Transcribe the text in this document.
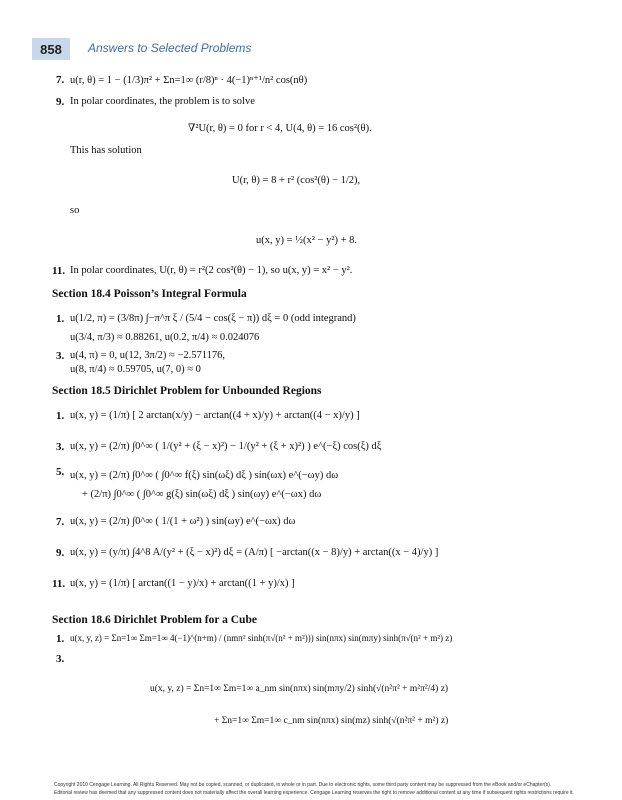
858 Answers to Selected Problems
7. u(r, θ) = 1 − (1/3)π² + Σn=1∞ (r/8)ⁿ · 4(−1)ⁿ⁺¹/n² cos(nθ)
9. In polar coordinates, the problem is to solve
∇²U(r, θ) = 0 for r < 4, U(4, θ) = 16 cos²(θ).
This has solution
U(r, θ) = 8 + r² (cos²(θ) − 1/2),
so
u(x, y) = ½(x² − y²) + 8.
11. In polar coordinates, U(r, θ) = r²(2 cos²(θ) − 1), so u(x, y) = x² − y².
Section 18.4 Poisson’s Integral Formula
1. u(1/2, π) = (3/8π) ∫−π^π ξ / (5/4 − cos(ξ − π)) dξ = 0 (odd integrand)
u(3/4, π/3) ≈ 0.88261, u(0.2, π/4) ≈ 0.024076
3. u(4, π) = 0, u(12, 3π/2) ≈ −2.571176,
u(8, π/4) ≈ 0.59705, u(7, 0) ≈ 0
Section 18.5 Dirichlet Problem for Unbounded Regions
1. u(x, y) = (1/π) [ 2 arctan(x/y) − arctan((4 + x)/y) + arctan((4 − x)/y) ]
3. u(x, y) = (2/π) ∫0^∞ ( 1/(y² + (ξ − x)²) − 1/(y² + (ξ + x)²) ) e^(−ξ) cos(ξ) dξ
5. u(x, y) = (2/π) ∫0^∞ ( ∫0^∞ f(ξ) sin(ωξ) dξ ) sin(ωx) e^(−ωy) dω
+ (2/π) ∫0^∞ ( ∫0^∞ g(ξ) sin(ωξ) dξ ) sin(ωy) e^(−ωx) dω
7. u(x, y) = (2/π) ∫0^∞ ( 1/(1 + ω²) ) sin(ωy) e^(−ωx) dω
9. u(x, y) = (y/π) ∫4^8 A/(y² + (ξ − x)²) dξ = (A/π) [ −arctan((x − 8)/y) + arctan((x − 4)/y) ]
11. u(x, y) = (1/π) [ arctan((1 − y)/x) + arctan((1 + y)/x) ]
Section 18.6 Dirichlet Problem for a Cube
1. u(x, y, z) = Σn=1∞ Σm=1∞ 4(−1)^(n+m) / (nmπ² sinh(π√(n² + m²))) sin(nπx) sin(mπy) sinh(π√(n² + m²) z)
3.
u(x, y, z) = Σn=1∞ Σm=1∞ a_nm sin(nπx) sin(mπy/2) sinh(√(n²π² + m²π²/4) z)
+ Σn=1∞ Σm=1∞ c_nm sin(nπx) sin(mz) sinh(√(n²π² + m²) z)
Copyright 2010 Cengage Learning. All Rights Reserved. May not be copied, scanned, or duplicated, in whole or in part. Due to electronic rights, some third party content may be suppressed from the eBook and/or eChapter(s).
Editorial review has deemed that any suppressed content does not materially affect the overall learning experience. Cengage Learning reserves the right to remove additional content at any time if subsequent rights restrictions require it.
